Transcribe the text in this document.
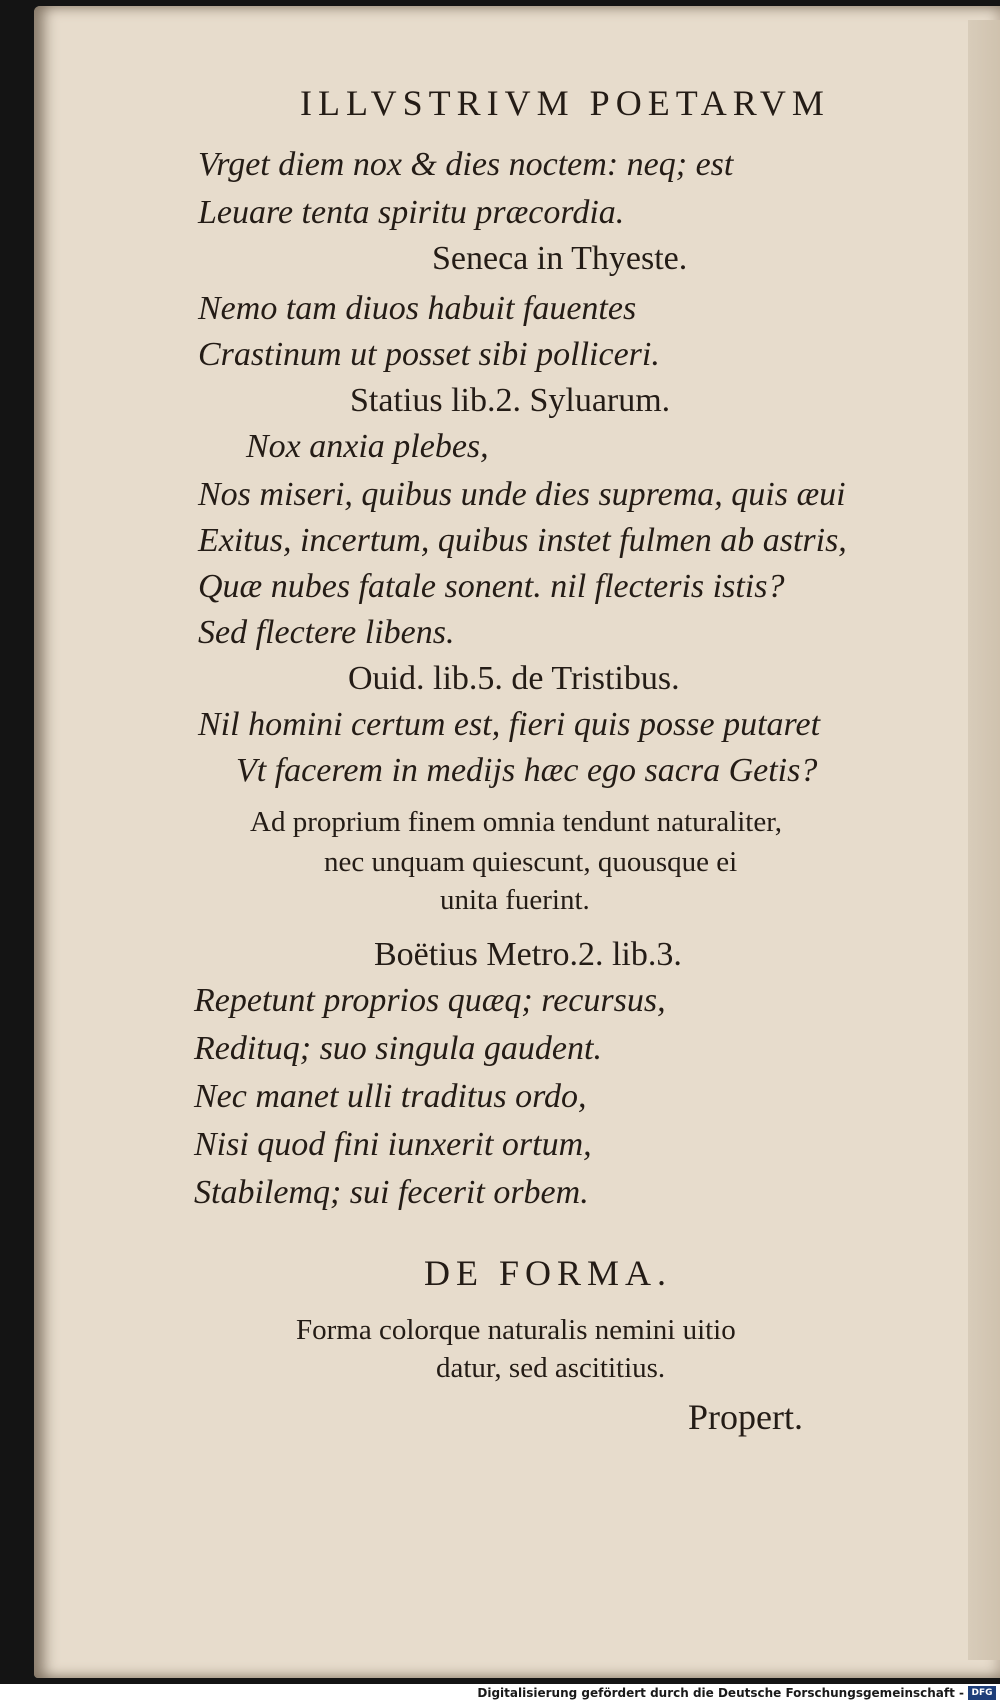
ILLVSTRIVM POETARVM
Vrget diem nox & dies noctem: neq; est
Leuare tenta spiritu præcordia.
Seneca in Thyeste.
Nemo tam diuos habuit fauentes
Crastinum ut posset sibi polliceri.
Statius lib.2. Syluarum.
Nox anxia plebes,
Nos miseri, quibus unde dies suprema, quis æui
Exitus, incertum, quibus instet fulmen ab astris,
Quæ nubes fatale sonent. nil flecteris istis?
Sed flectere libens.
Ouid. lib.5. de Tristibus.
Nil homini certum est, fieri quis posse putaret
Vt facerem in medijs hæc ego sacra Getis?
Ad proprium finem omnia tendunt naturaliter,
nec unquam quiescunt, quousque ei
unita fuerint.
Boëtius Metro.2. lib.3.
Repetunt proprios quæq; recursus,
Redituq; suo singula gaudent.
Nec manet ulli traditus ordo,
Nisi quod fini iunxerit ortum,
Stabilemq; sui fecerit orbem.
DE FORMA.
Forma colorque naturalis nemini uitio
datur, sed ascititius.
Propert.
Digitalisierung gefördert durch die Deutsche Forschungsgemeinschaft - DFG
